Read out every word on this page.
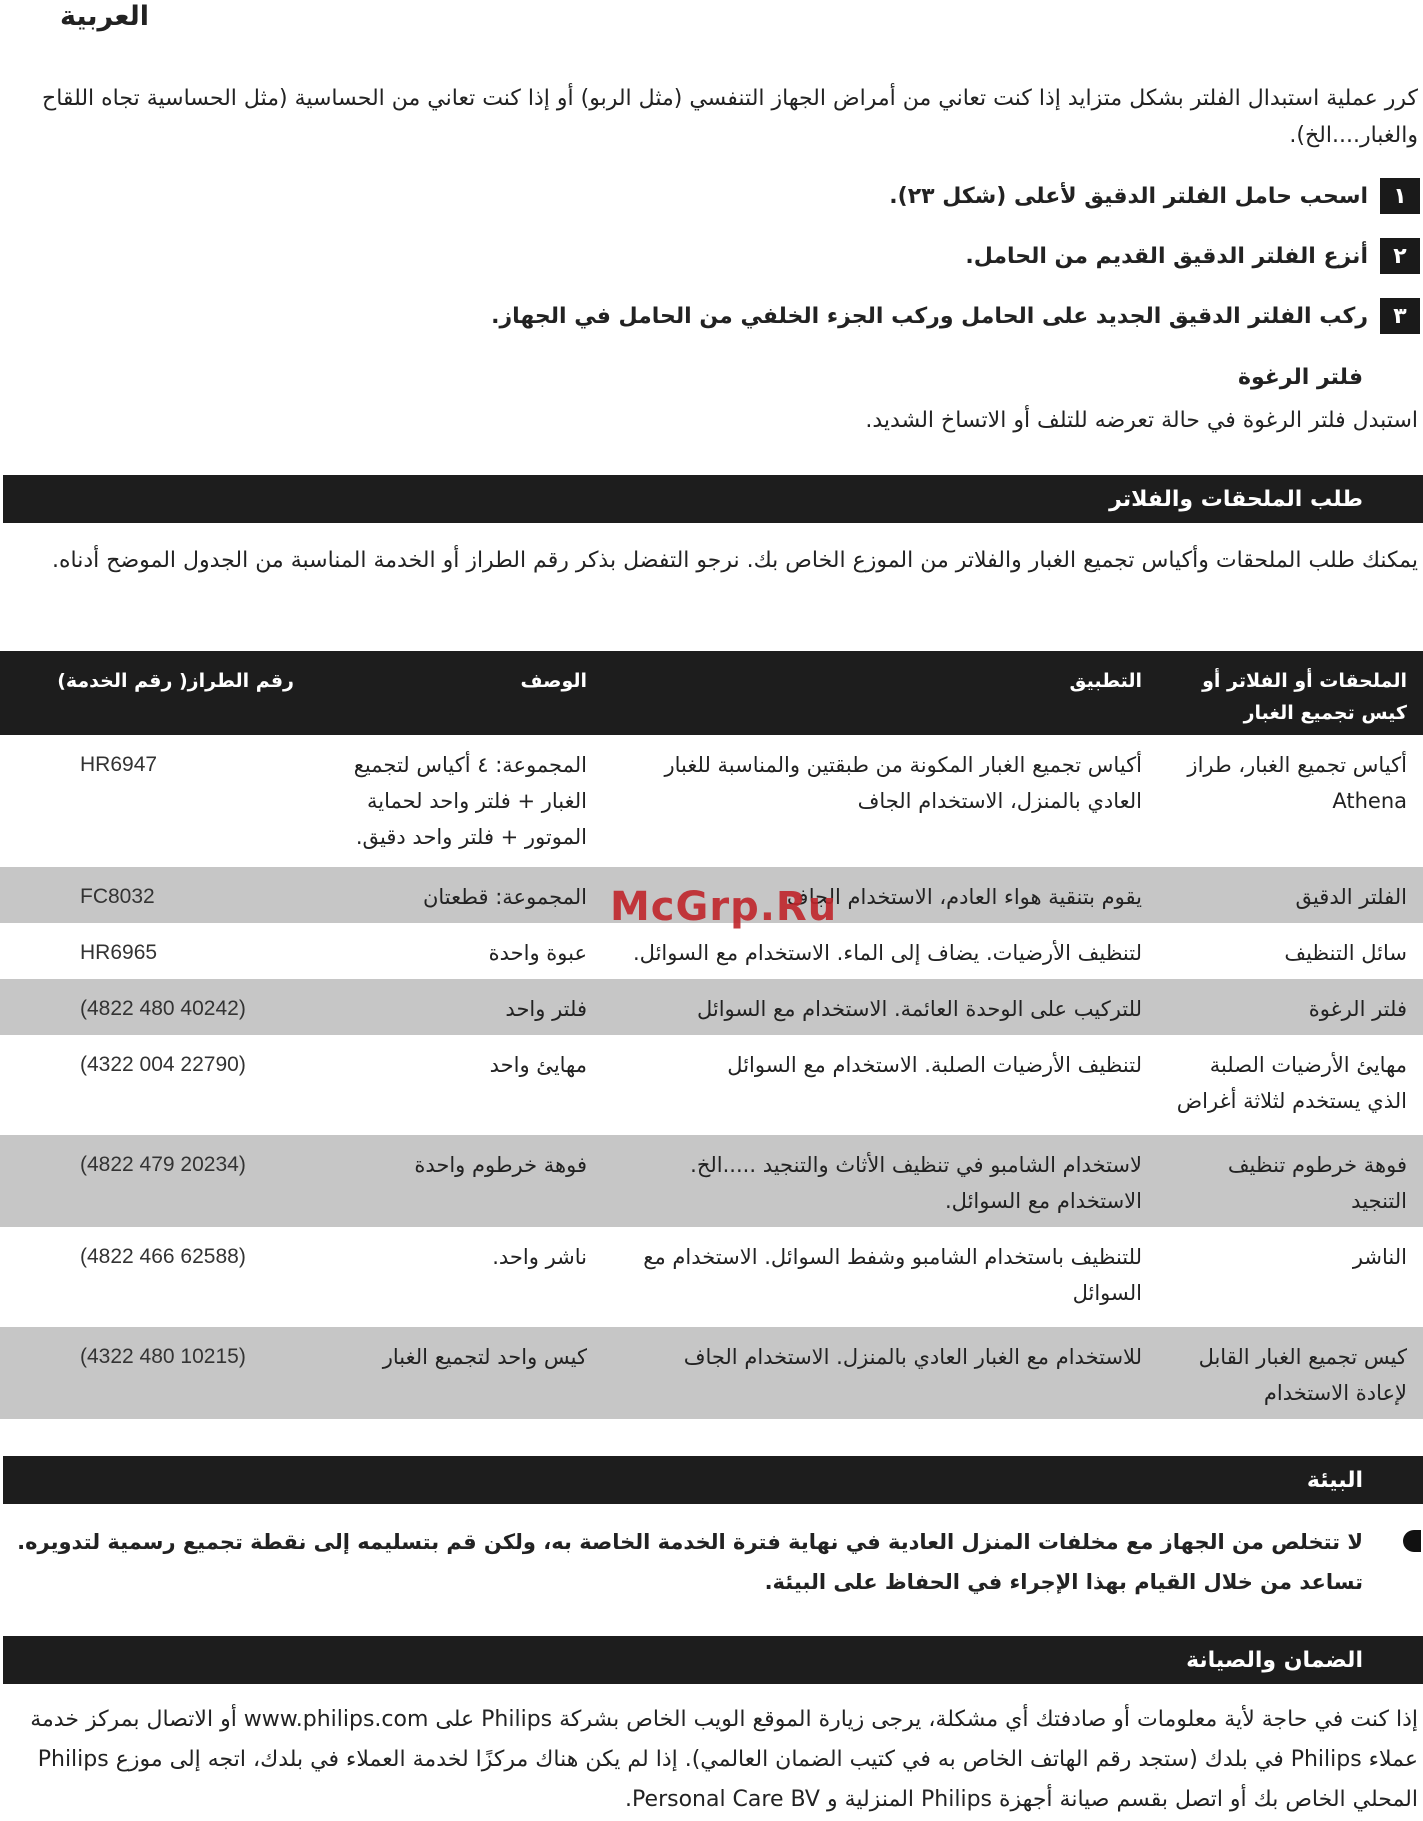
العربية
كرر عملية استبدال الفلتر بشكل متزايد إذا كنت تعاني من أمراض الجهاز التنفسي (مثل الربو) أو إذا كنت تعاني من الحساسية (مثل الحساسية تجاه اللقاح والغبار....الخ).
١
اسحب حامل الفلتر الدقيق لأعلى (شكل ٢٣).
٢
أنزع الفلتر الدقيق القديم من الحامل.
٣
ركب الفلتر الدقيق الجديد على الحامل وركب الجزء الخلفي من الحامل في الجهاز.
فلتر الرغوة
استبدل فلتر الرغوة في حالة تعرضه للتلف أو الاتساخ الشديد.
طلب الملحقات والفلاتر
يمكنك طلب الملحقات وأكياس تجميع الغبار والفلاتر من الموزع الخاص بك. نرجو التفضل بذكر رقم الطراز أو الخدمة المناسبة من الجدول الموضح أدناه.
الملحقات أو الفلاتر أو كيس تجميع الغبار	التطبيق	الوصف	رقم الطراز( رقم الخدمة)
أكياس تجميع الغبار، طراز Athena	أكياس تجميع الغبار المكونة من طبقتين والمناسبة للغبار العادي بالمنزل، الاستخدام الجاف	المجموعة: ٤ أكياس لتجميع الغبار + فلتر واحد لحماية الموتور + فلتر واحد دقيق.	HR6947
الفلتر الدقيق	يقوم بتنقية هواء العادم، الاستخدام الجاف	المجموعة: قطعتان	FC8032
سائل التنظيف	لتنظيف الأرضيات. يضاف إلى الماء. الاستخدام مع السوائل.	عبوة واحدة	HR6965
فلتر الرغوة	للتركيب على الوحدة العائمة. الاستخدام مع السوائل	فلتر واحد	(4822 480 40242)
مهايئ الأرضيات الصلبة الذي يستخدم لثلاثة أغراض	لتنظيف الأرضيات الصلبة. الاستخدام مع السوائل	مهايئ واحد	(4322 004 22790)
فوهة خرطوم تنظيف التنجيد	لاستخدام الشامبو في تنظيف الأثاث والتنجيد .....الخ. الاستخدام مع السوائل.	فوهة خرطوم واحدة	(4822 479 20234)
الناشر	للتنظيف باستخدام الشامبو وشفط السوائل. الاستخدام مع السوائل	ناشر واحد.	(4822 466 62588)
كيس تجميع الغبار القابل لإعادة الاستخدام	للاستخدام مع الغبار العادي بالمنزل. الاستخدام الجاف	كيس واحد لتجميع الغبار	(4322 480 10215)
McGrp.Ru
البيئة
لا تتخلص من الجهاز مع مخلفات المنزل العادية في نهاية فترة الخدمة الخاصة به، ولكن قم بتسليمه إلى نقطة تجميع رسمية لتدويره. تساعد من خلال القيام بهذا الإجراء في الحفاظ على البيئة.
الضمان والصيانة
إذا كنت في حاجة لأية معلومات أو صادفتك أي مشكلة، يرجى زيارة الموقع الويب الخاص بشركة Philips على www.philips.com أو الاتصال بمركز خدمة عملاء Philips في بلدك (ستجد رقم الهاتف الخاص به في كتيب الضمان العالمي). إذا لم يكن هناك مركزًا لخدمة العملاء في بلدك، اتجه إلى موزع Philips المحلي الخاص بك أو اتصل بقسم صيانة أجهزة Philips المنزلية و Personal Care BV.
